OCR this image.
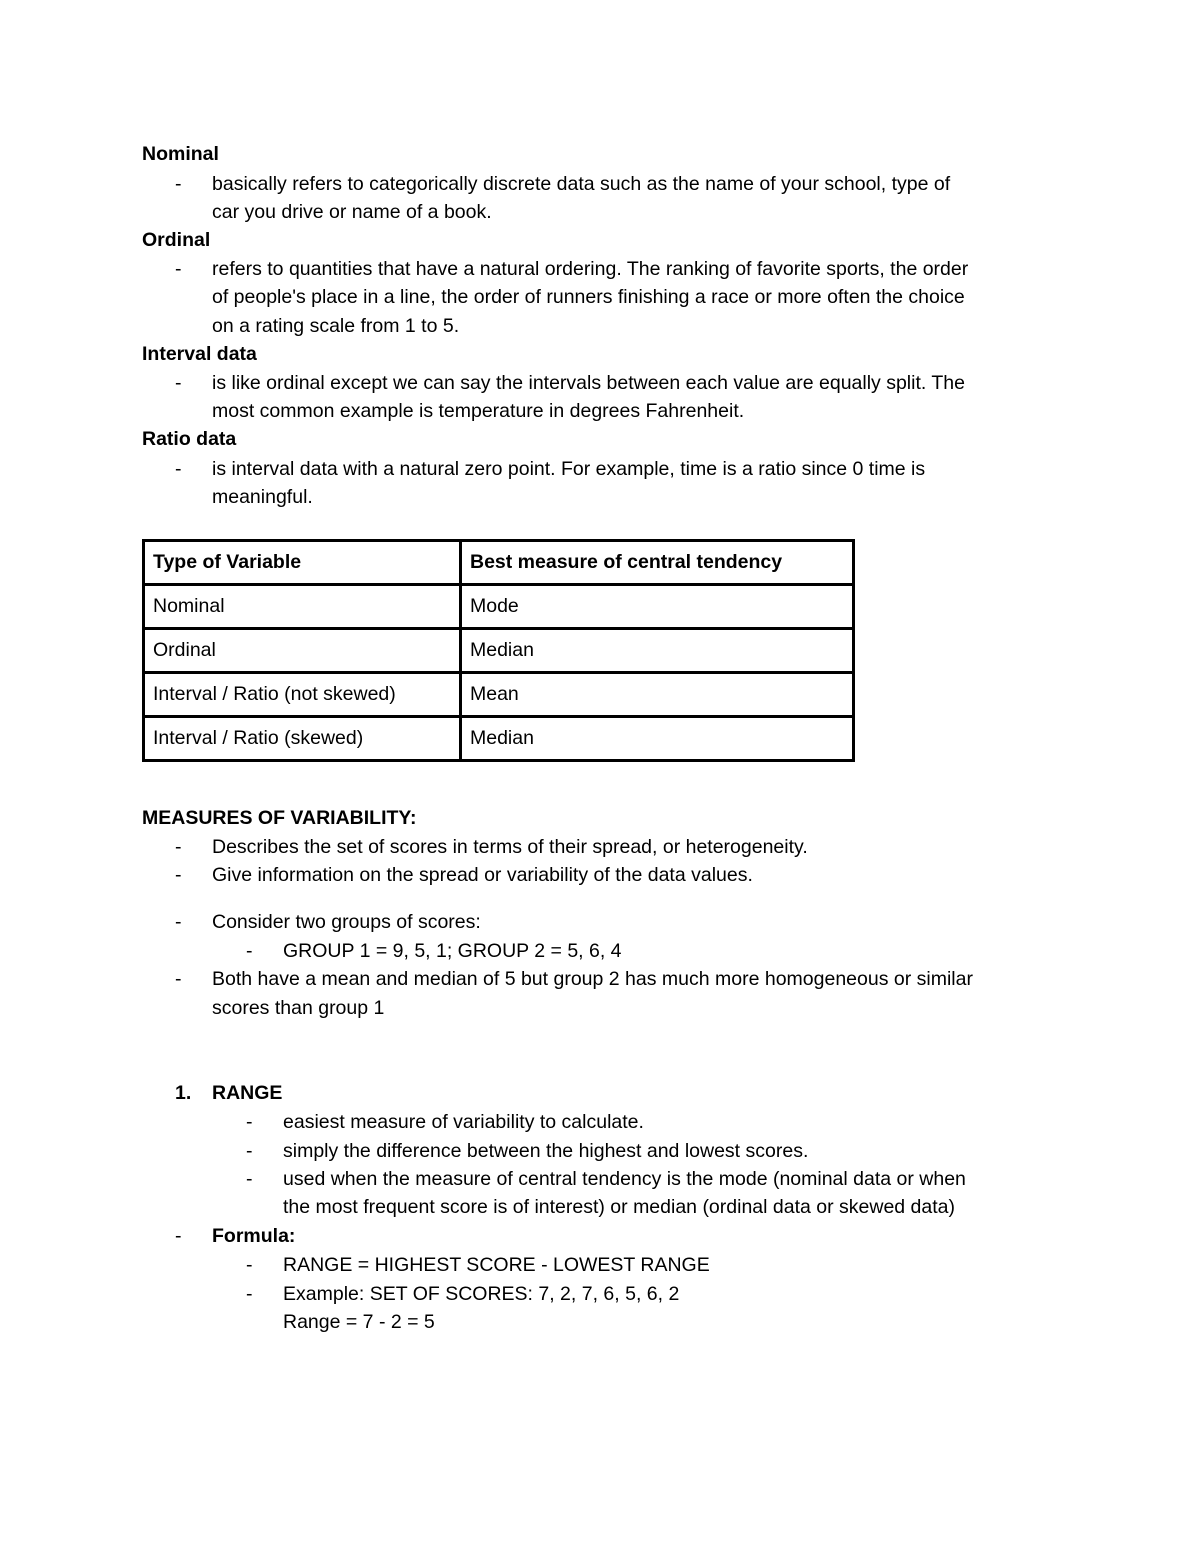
Nominal
- basically refers to categorically discrete data such as the name of your school, type of
car you drive or name of a book.
Ordinal
- refers to quantities that have a natural ordering. The ranking of favorite sports, the order
of people's place in a line, the order of runners finishing a race or more often the choice
on a rating scale from 1 to 5.
Interval data
- is like ordinal except we can say the intervals between each value are equally split. The
most common example is temperature in degrees Fahrenheit.
Ratio data
- is interval data with a natural zero point. For example, time is a ratio since 0 time is
meaningful.
Type of Variable	Best measure of central tendency
Nominal	Mode
Ordinal	Median
Interval / Ratio (not skewed)	Mean
Interval / Ratio (skewed)	Median
MEASURES OF VARIABILITY:
- Describes the set of scores in terms of their spread, or heterogeneity.
- Give information on the spread or variability of the data values.
- Consider two groups of scores:
- GROUP 1 = 9, 5, 1; GROUP 2 = 5, 6, 4
- Both have a mean and median of 5 but group 2 has much more homogeneous or similar
scores than group 1
1. RANGE
- easiest measure of variability to calculate.
- simply the difference between the highest and lowest scores.
- used when the measure of central tendency is the mode (nominal data or when
the most frequent score is of interest) or median (ordinal data or skewed data)
- Formula:
- RANGE = HIGHEST SCORE - LOWEST RANGE
- Example: SET OF SCORES: 7, 2, 7, 6, 5, 6, 2
Range = 7 - 2 = 5
